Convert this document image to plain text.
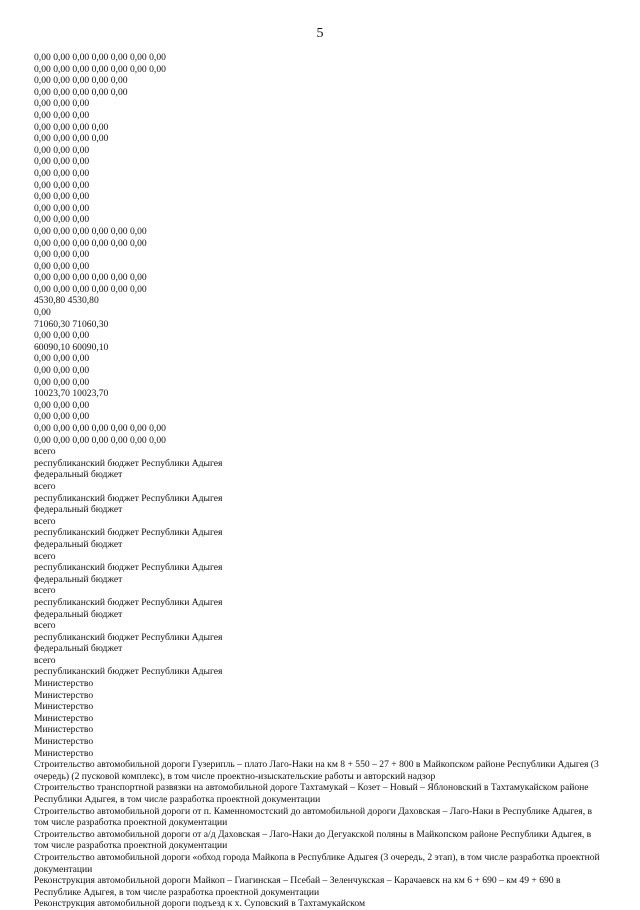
5
0,00 0,00 0,00 0,00 0,00 0,00 0,00
0,00 0,00 0,00 0,00 0,00 0,00 0,00
0,00 0,00 0,00 0,00 0,00
0,00 0,00 0,00 0,00 0,00
0,00 0,00 0,00
0,00 0,00 0,00
0,00 0,00 0,00 0,00
0,00 0,00 0,00 0,00
0,00 0,00 0,00
0,00 0,00 0,00
0,00 0,00 0,00
0,00 0,00 0,00
0,00 0,00 0,00
0,00 0,00 0,00
0,00 0,00 0,00
0,00 0,00 0,00 0,00 0,00 0,00
0,00 0,00 0,00 0,00 0,00 0,00
0,00 0,00 0,00
0,00 0,00 0,00
0,00 0,00 0,00 0,00 0,00 0,00
0,00 0,00 0,00 0,00 0,00 0,00
4530,80 4530,80
0,00
71060,30 71060,30
0,00 0,00 0,00
60090,10 60090,10
0,00 0,00 0,00
0,00 0,00 0,00
0,00 0,00 0,00
10023,70 10023,70
0,00 0,00 0,00
0,00 0,00 0,00
0,00 0,00 0,00 0,00 0,00 0,00 0,00
0,00 0,00 0,00 0,00 0,00 0,00 0,00
всего
республиканский бюджет Республики Адыгея
федеральный бюджет
всего
республиканский бюджет Республики Адыгея
федеральный бюджет
всего
республиканский бюджет Республики Адыгея
федеральный бюджет
всего
республиканский бюджет Республики Адыгея
федеральный бюджет
всего
республиканский бюджет Республики Адыгея
федеральный бюджет
всего
республиканский бюджет Республики Адыгея
федеральный бюджет
всего
республиканский бюджет Республики Адыгея
Министерство
Министерство
Министерство
Министерство
Министерство
Министерство
Министерство
Строительство автомобильной дороги Гузерипль – плато Лаго-Наки на км 8 + 550 – 27 + 800 в Майкопском районе Республики Адыгея (3 очередь) (2 пусковой комплекс), в том числе проектно-изыскательские работы и авторский надзор
Строительство транспортной развязки на автомобильной дороге Тахтамукай – Козет – Новый – Яблоновский в Тахтамукайском районе Республики Адыгея, в том числе разработка проектной документации
Строительство автомобильной дороги от п. Каменномостский до автомобильной дороги Даховская – Лаго-Наки в Республике Адыгея, в том числе разработка проектной документации
Строительство автомобильной дороги от а/д Даховская – Лаго-Наки до Дегуакской поляны в Майкопском районе Республики Адыгея, в том числе разработка проектной документации
Строительство автомобильной дороги «обход города Майкопа в Республике Адыгея (3 очередь, 2 этап), в том числе разработка проектной документации
Реконструкция автомобильной дороги Майкоп – Гиагинская – Псебай – Зеленчукская – Карачаевск на км 6 + 690 – км 49 + 690 в Республике Адыгея, в том числе разработка проектной документации
Реконструкция автомобильной дороги подъезд к х. Суповский в Тахтамукайском
